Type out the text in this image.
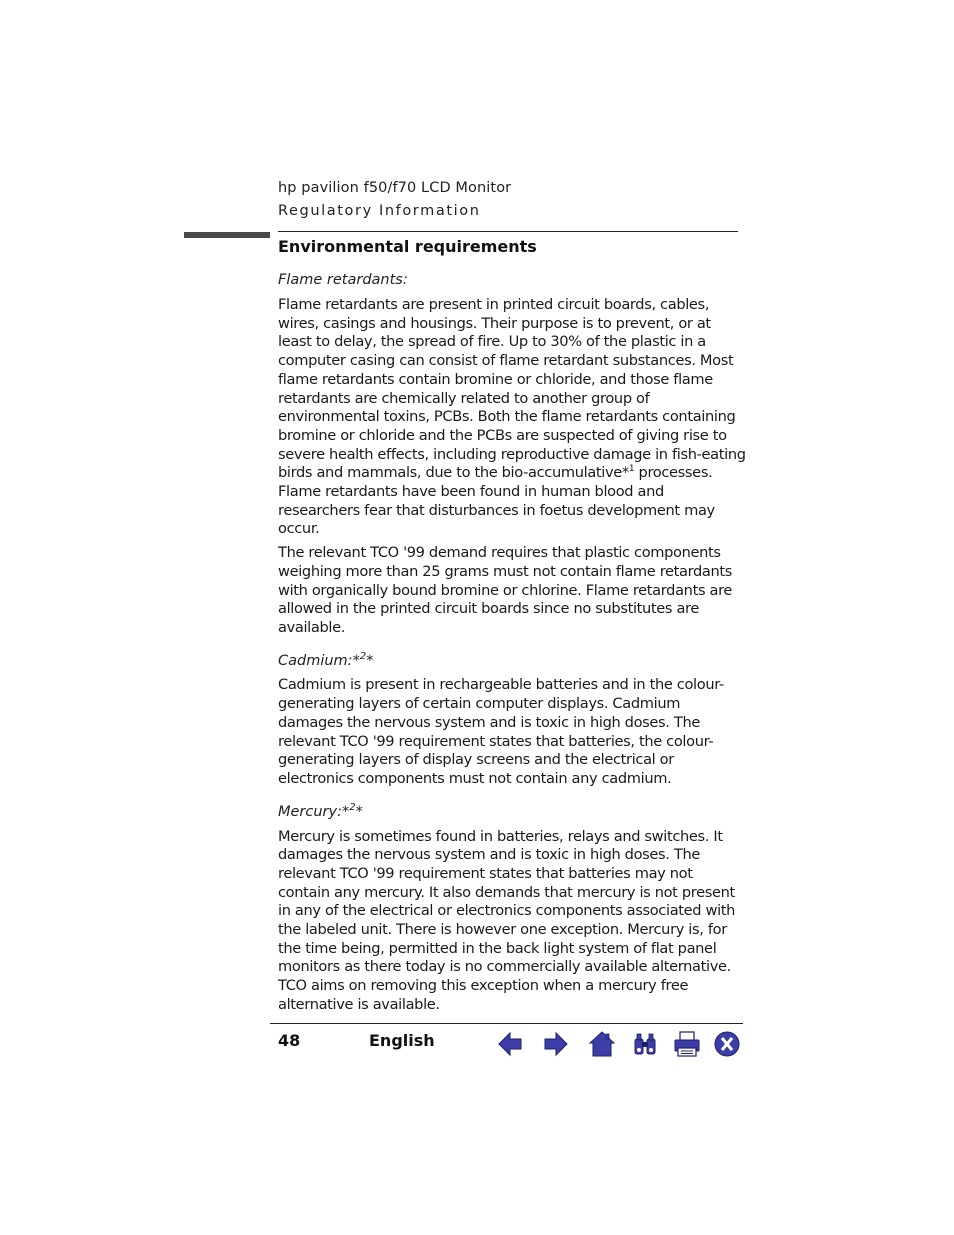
hp pavilion f50/f70 LCD Monitor
Regulatory Information
Environmental requirements

Flame retardants:

Flame retardants are present in printed circuit boards, cables, wires, casings and housings. Their purpose is to prevent, or at least to delay, the spread of fire. Up to 30% of the plastic in a computer casing can consist of flame retardant substances. Most flame retardants contain bromine or chloride, and those flame retardants are chemically related to another group of environmental toxins, PCBs. Both the flame retardants containing bromine or chloride and the PCBs are suspected of giving rise to severe health effects, including reproductive damage in fish-eating birds and mammals, due to the bio-accumulative*$^1$ processes. Flame retardants have been found in human blood and researchers fear that disturbances in foetus development may occur.

The relevant TCO '99 demand requires that plastic components weighing more than 25 grams must not contain flame retardants with organically bound bromine or chlorine. Flame retardants are allowed in the printed circuit boards since no substitutes are available.

Cadmium:*$^2$*

Cadmium is present in rechargeable batteries and in the colour-generating layers of certain computer displays. Cadmium damages the nervous system and is toxic in high doses. The relevant TCO '99 requirement states that batteries, the colour-generating layers of display screens and the electrical or electronics components must not contain any cadmium.

Mercury:*$^2$*

Mercury is sometimes found in batteries, relays and switches. It damages the nervous system and is toxic in high doses. The relevant TCO '99 requirement states that batteries may not contain any mercury. It also demands that mercury is not present in any of the electrical or electronics components associated with the labeled unit. There is however one exception. Mercury is, for the time being, permitted in the back light system of flat panel monitors as there today is no commercially available alternative. TCO aims on removing this exception when a mercury free alternative is available.

48	English
